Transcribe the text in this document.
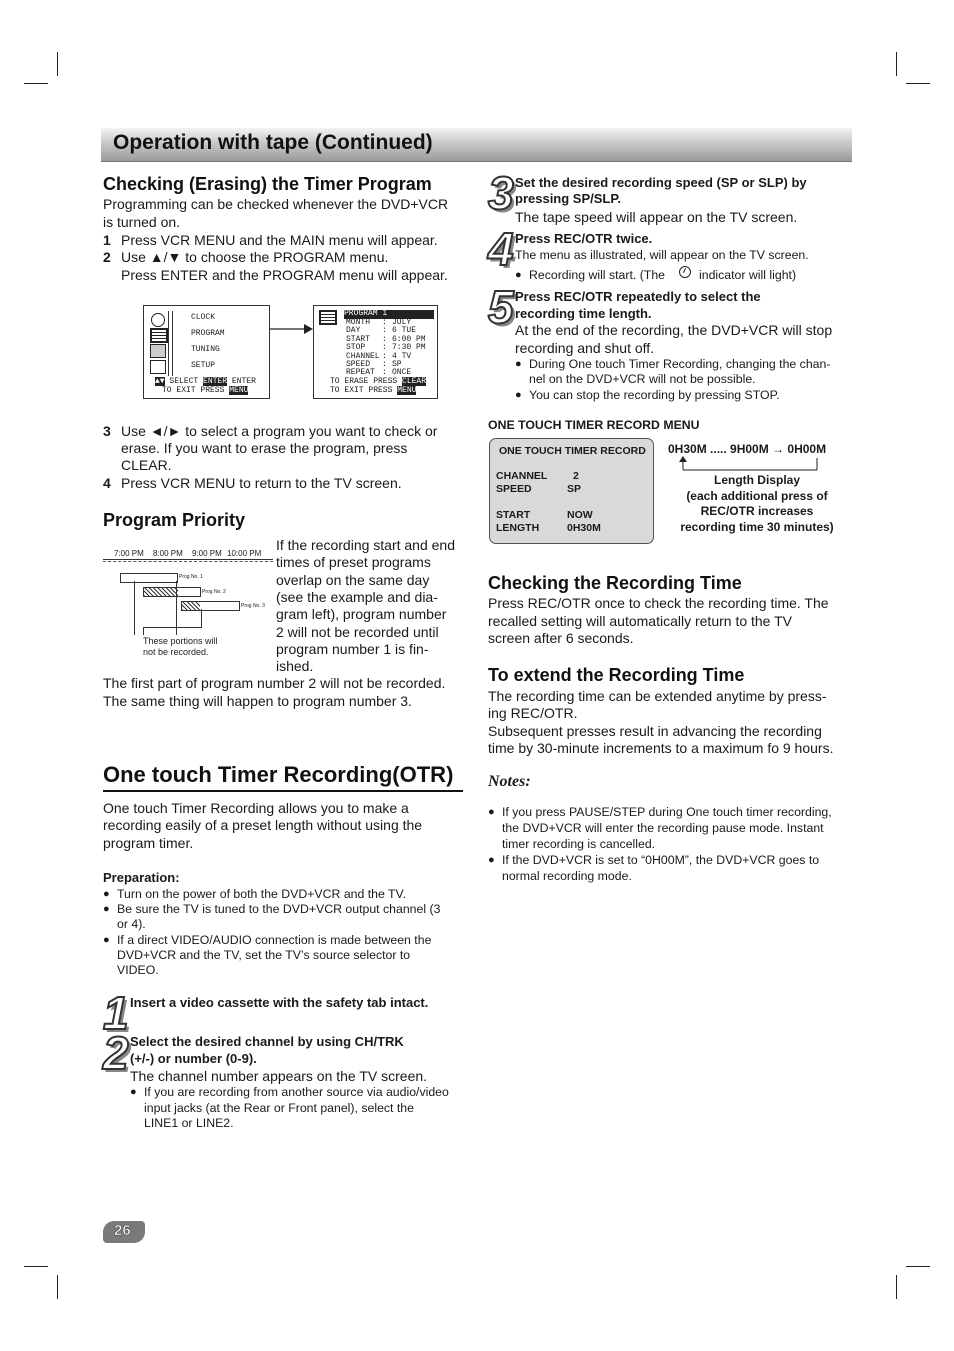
Operation with tape (Continued)
Checking (Erasing) the Timer Program
Programming can be checked whenever the DVD+VCR
is turned on.
1 Press VCR MENU and the MAIN menu will appear.
2 Use ▲/▼ to choose the PROGRAM menu.
Press ENTER and the PROGRAM menu will appear.
CLOCK
PROGRAM
TUNING
SETUP
▲▼ SELECT ENTER ENTER
TO EXIT PRESS MENU
PROGRAM 1
MONTH : JULY
DAY	: 6 TUE
START : 6:00 PM
STOP : 7:30 PM
CHANNEL : 4 TV
SPEED : SP
REPEAT : ONCE
TO ERASE PRESS CLEAR
TO EXIT PRESS MENU
3 Use ◄/► to select a program you want to check or
erase. If you want to erase the program, press
CLEAR.
4 Press VCR MENU to return to the TV screen.
Program Priority
7:00 PM 8:00 PM 9:00 PM 10:00 PM
Prog No. 1
Prog No. 2
Prog No. 3
These portions will
not be recorded.
If the recording start and end
times of preset programs
overlap on the same day
(see the example and dia-
gram left), program number
2 will not be recorded until
program number 1 is fin-
ished.
The first part of program number 2 will not be recorded.
The same thing will happen to program number 3.
One touch Timer Recording(OTR)
One touch Timer Recording allows you to make a
recording easily of a preset length without using the
program timer.
Preparation:
● Turn on the power of both the DVD+VCR and the TV.
● Be sure the TV is tuned to the DVD+VCR output channel (3
or 4).
● If a direct VIDEO/AUDIO connection is made between the
DVD+VCR and the TV, set the TV’s source selector to
VIDEO.
1 Insert a video cassette with the safety tab intact.
2 Select the desired channel by using CH/TRK
(+/-) or number (0-9).
The channel number appears on the TV screen.
● If you are recording from another source via audio/video
input jacks (at the Rear or Front panel), select the
LINE1 or LINE2.
3 Set the desired recording speed (SP or SLP) by
pressing SP/SLP.
The tape speed will appear on the TV screen.
4 Press REC/OTR twice.
The menu as illustrated, will appear on the TV screen.
● Recording will start. (The	indicator will light)
5 Press REC/OTR repeatedly to select the
recording time length.
At the end of the recording, the DVD+VCR will stop
recording and shut off.
● During One touch Timer Recording, changing the chan-
nel on the DVD+VCR will not be possible.
● You can stop the recording by pressing STOP.
ONE TOUCH TIMER RECORD MENU
ONE TOUCH TIMER RECORD
CHANNEL 2
SPEED	SP
START	NOW
LENGTH	0H30M
0H30M ..... 9H00M → 0H00M
Length Display
(each additional press of
REC/OTR increases
recording time 30 minutes)
Checking the Recording Time
Press REC/OTR once to check the recording time. The
recalled setting will automatically return to the TV
screen after 6 seconds.
To extend the Recording Time
The recording time can be extended anytime by press-
ing REC/OTR.
Subsequent presses result in advancing the recording
time by 30-minute increments to a maximum fo 9 hours.
Notes:
● If you press PAUSE/STEP during One touch timer recording,
the DVD+VCR will enter the recording pause mode. Instant
timer recording is cancelled.
● If the DVD+VCR is set to “0H00M”, the DVD+VCR goes to
normal recording mode.
26
